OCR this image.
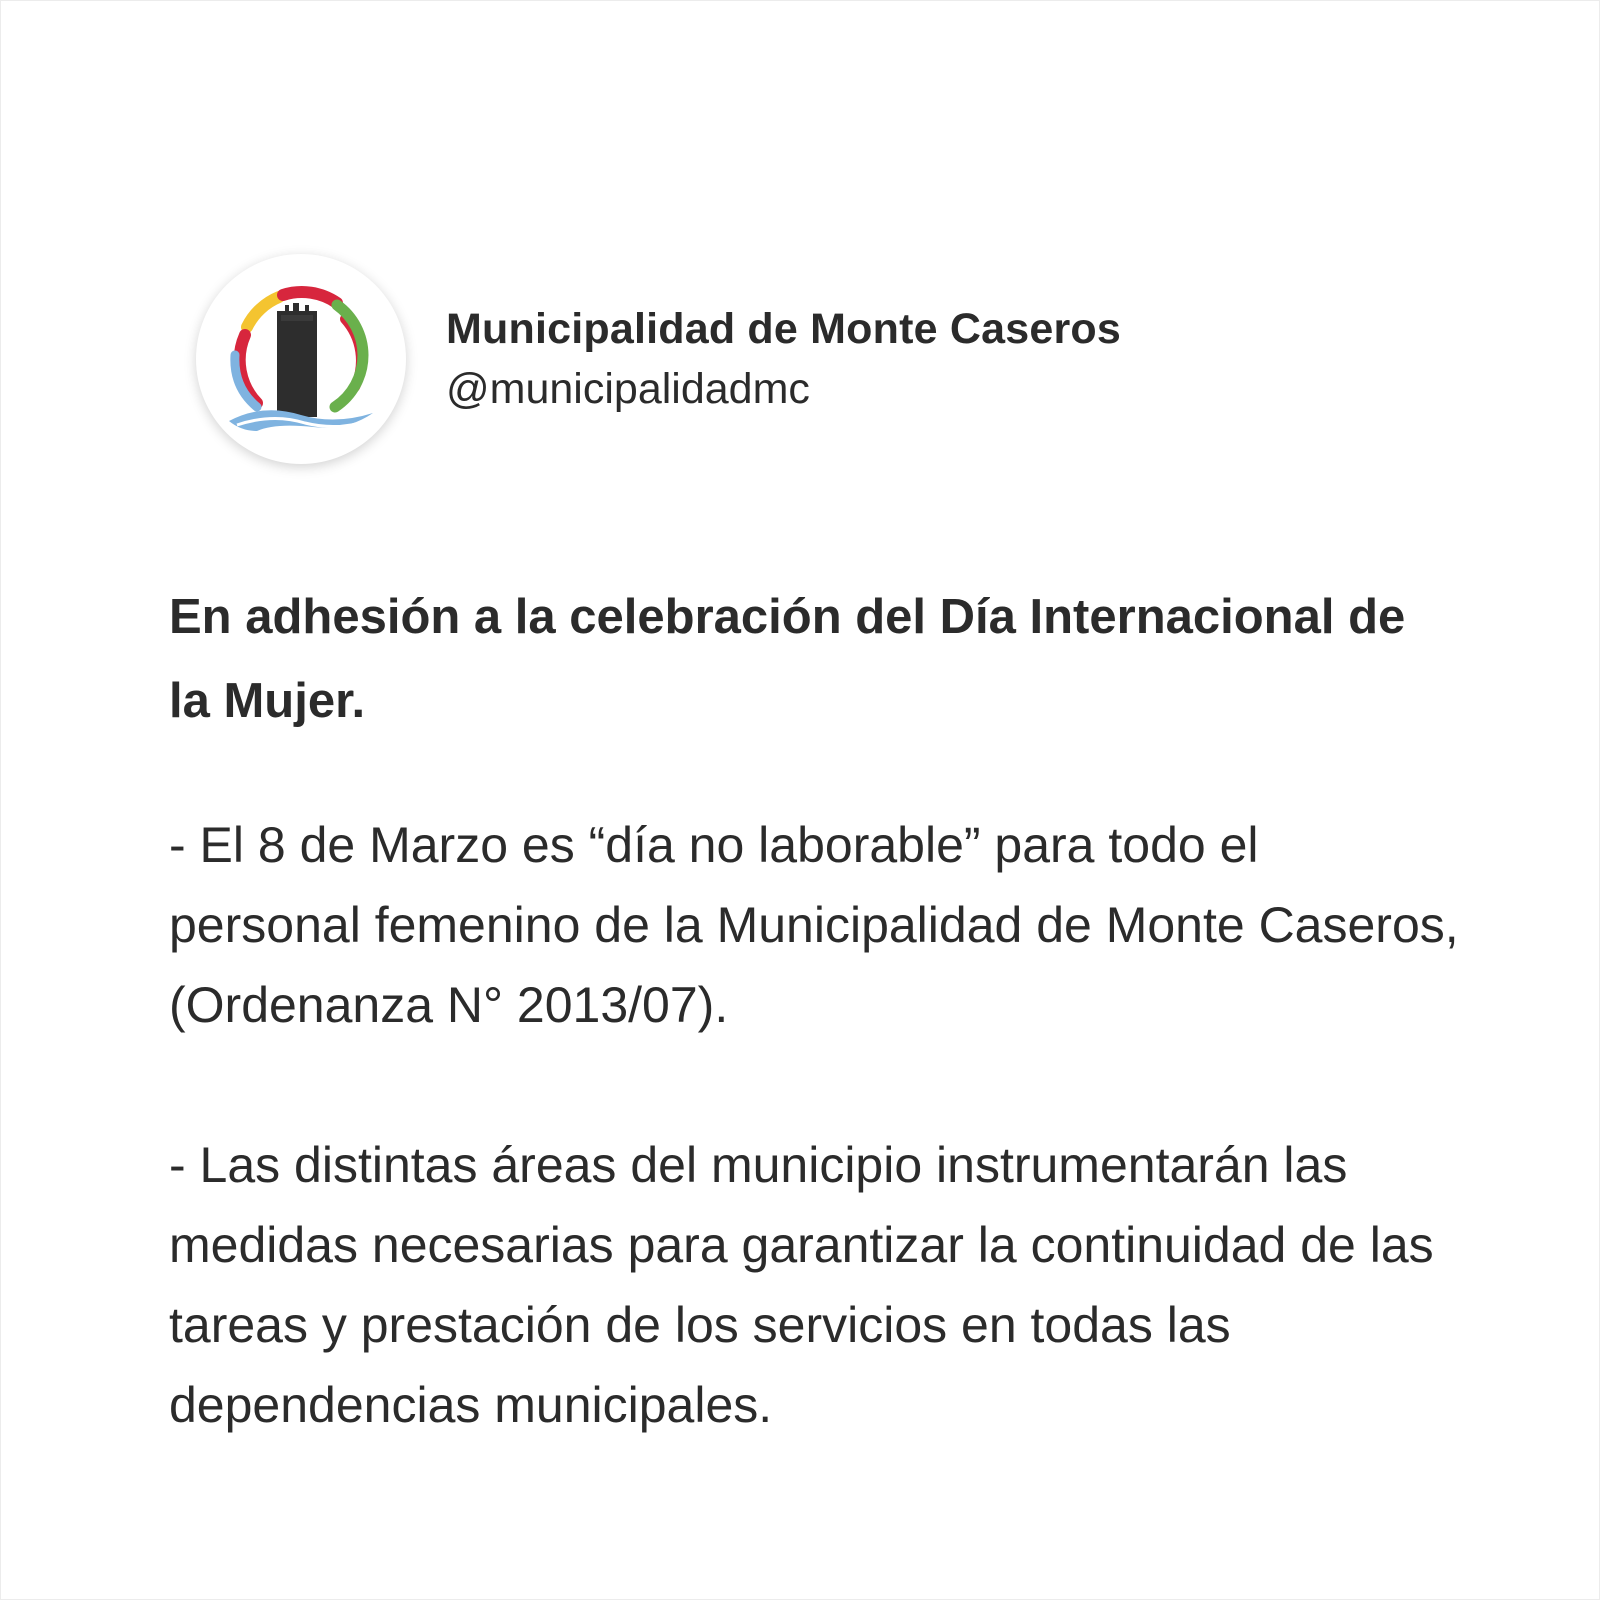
Municipalidad de Monte Caseros
@municipalidadmc

En adhesión a la celebración del Día Internacional de la Mujer.

- El 8 de Marzo es “día no laborable” para todo el personal femenino de la Municipalidad de Monte Caseros, (Ordenanza N° 2013/07).

- Las distintas áreas del municipio instrumentarán las medidas necesarias para garantizar la continuidad de las tareas y prestación de los servicios en todas las dependencias municipales.
